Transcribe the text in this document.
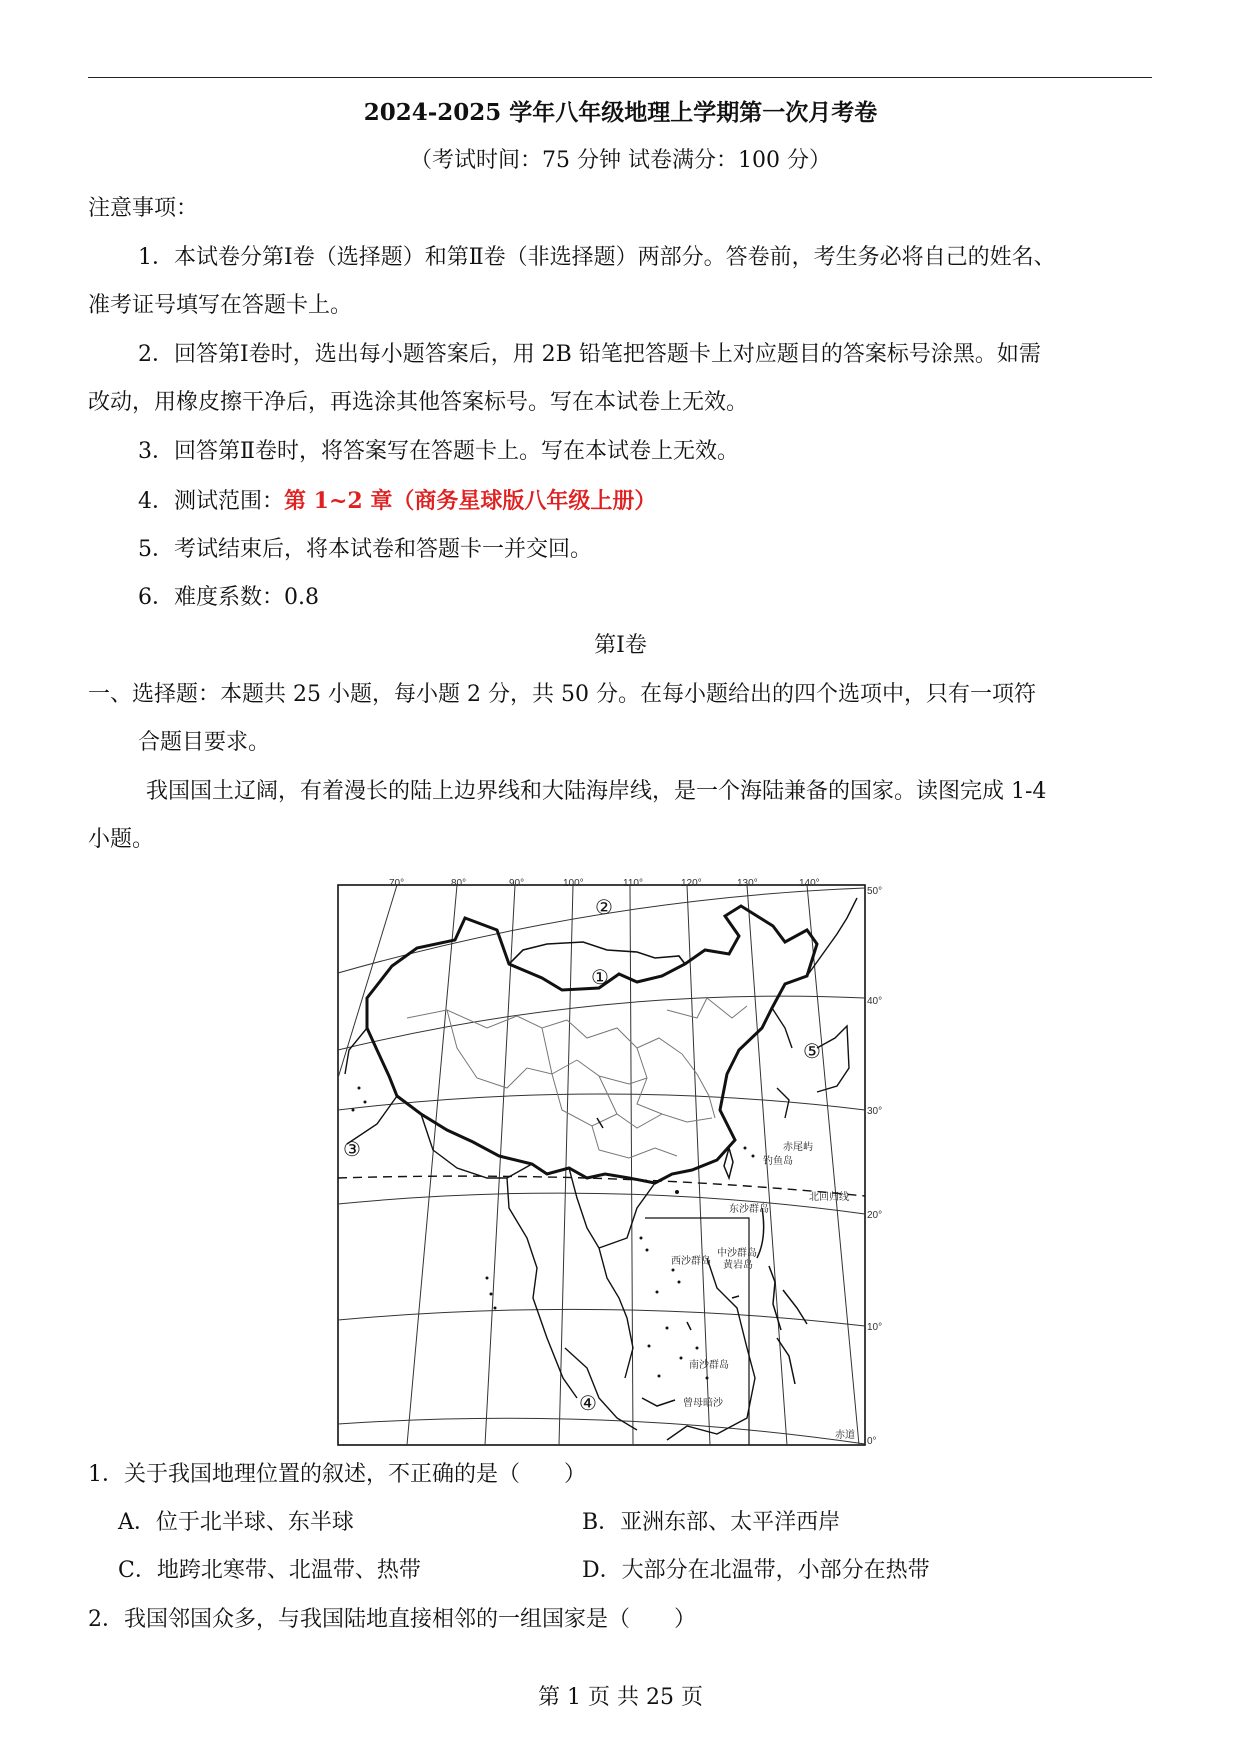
2024-2025 学年八年级地理上学期第一次月考卷
（考试时间：75 分钟 试卷满分：100 分）
注意事项：
1．本试卷分第Ⅰ卷（选择题）和第Ⅱ卷（非选择题）两部分。答卷前，考生务必将自己的姓名、
准考证号填写在答题卡上。
2．回答第Ⅰ卷时，选出每小题答案后，用 2B 铅笔把答题卡上对应题目的答案标号涂黑。如需
改动，用橡皮擦干净后，再选涂其他答案标号。写在本试卷上无效。
3．回答第Ⅱ卷时，将答案写在答题卡上。写在本试卷上无效。
4．测试范围：第 1~2 章（商务星球版八年级上册）
5．考试结束后，将本试卷和答题卡一并交回。
6．难度系数：0.8
第Ⅰ卷
一、选择题：本题共 25 小题，每小题 2 分，共 50 分。在每小题给出的四个选项中，只有一项符
合题目要求。
我国国土辽阔，有着漫长的陆上边界线和大陆海岸线，是一个海陆兼备的国家。读图完成 1-4
小题。
70°	80°	90°	100°	110°	120°	130°	140°
50°
40°
30°
20°
10°
0°
①
②
③
④
⑤
赤尾屿
钓鱼岛
北回归线
东沙群岛
西沙群岛
中沙群岛
黄岩岛
南沙群岛
曾母暗沙
赤道
1．关于我国地理位置的叙述，不正确的是（　　）
A．位于北半球、东半球	B．亚洲东部、太平洋西岸
C．地跨北寒带、北温带、热带	D．大部分在北温带，小部分在热带
2．我国邻国众多，与我国陆地直接相邻的一组国家是（　　）
第 1 页 共 25 页
